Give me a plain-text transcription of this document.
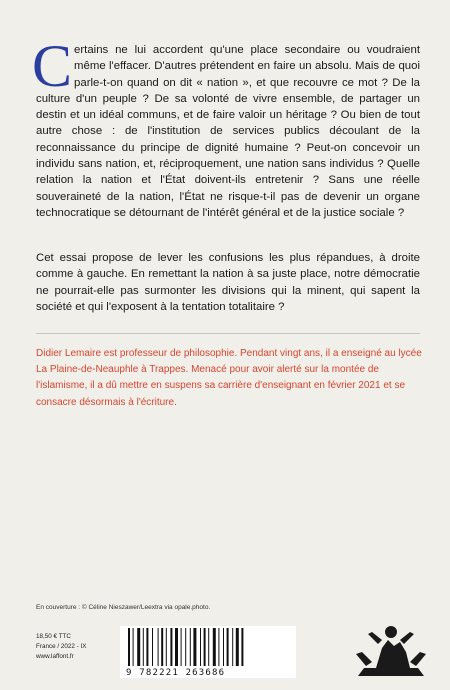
Certains ne lui accordent qu'une place secondaire ou voudraient même l'effacer. D'autres prétendent en faire un absolu. Mais de quoi parle-t-on quand on dit « nation », et que recouvre ce mot ? De la culture d'un peuple ? De sa volonté de vivre ensemble, de partager un destin et un idéal communs, et de faire valoir un héritage ? Ou bien de tout autre chose : de l'institution de services publics découlant de la reconnaissance du principe de dignité humaine ? Peut-on concevoir un individu sans nation, et, réciproquement, une nation sans individus ? Quelle relation la nation et l'État doivent-ils entretenir ? Sans une réelle souveraineté de la nation, l'État ne risque-t-il pas de devenir un organe technocratique se détournant de l'intérêt général et de la justice sociale ?

Cet essai propose de lever les confusions les plus répandues, à droite comme à gauche. En remettant la nation à sa juste place, notre démocratie ne pourrait-elle pas surmonter les divisions qui la minent, qui sapent la société et qui l'exposent à la tentation totalitaire ?

Didier Lemaire est professeur de philosophie. Pendant vingt ans, il a enseigné au lycée La Plaine-de-Neauphle à Trappes. Menacé pour avoir alerté sur la montée de l'islamisme, il a dû mettre en suspens sa carrière d'enseignant en février 2021 et se consacre désormais à l'écriture.

En couverture : © Céline Nieszawer/Leextra via opale.photo.
18,50 € TTC
France / 2022 - IX
www.laffont.fr
9 782221 263686
